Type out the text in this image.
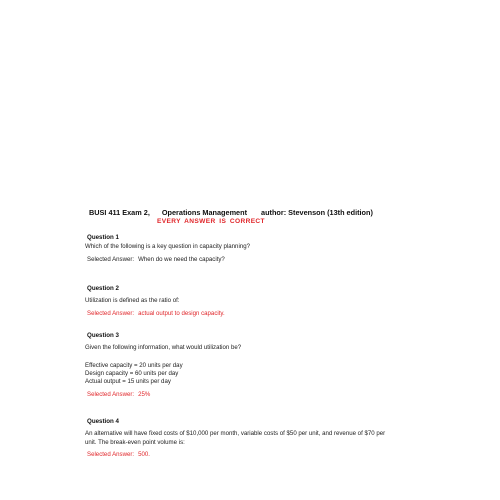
BUSI 411 Exam 2, Operations Management author: Stevenson (13th edition)
EVERY ANSWER IS CORRECT
Question 1
Which of the following is a key question in capacity planning?
Selected Answer: When do we need the capacity?
Question 2
Utilization is defined as the ratio of:
Selected Answer: actual output to design capacity.
Question 3
Given the following information, what would utilization be?
Effective capacity = 20 units per day
Design capacity = 60 units per day
Actual output = 15 units per day
Selected Answer: 25%
Question 4
An alternative will have fixed costs of $10,000 per month, variable costs of $50 per unit, and revenue of $70 per
unit. The break-even point volume is:
Selected Answer: 500.
